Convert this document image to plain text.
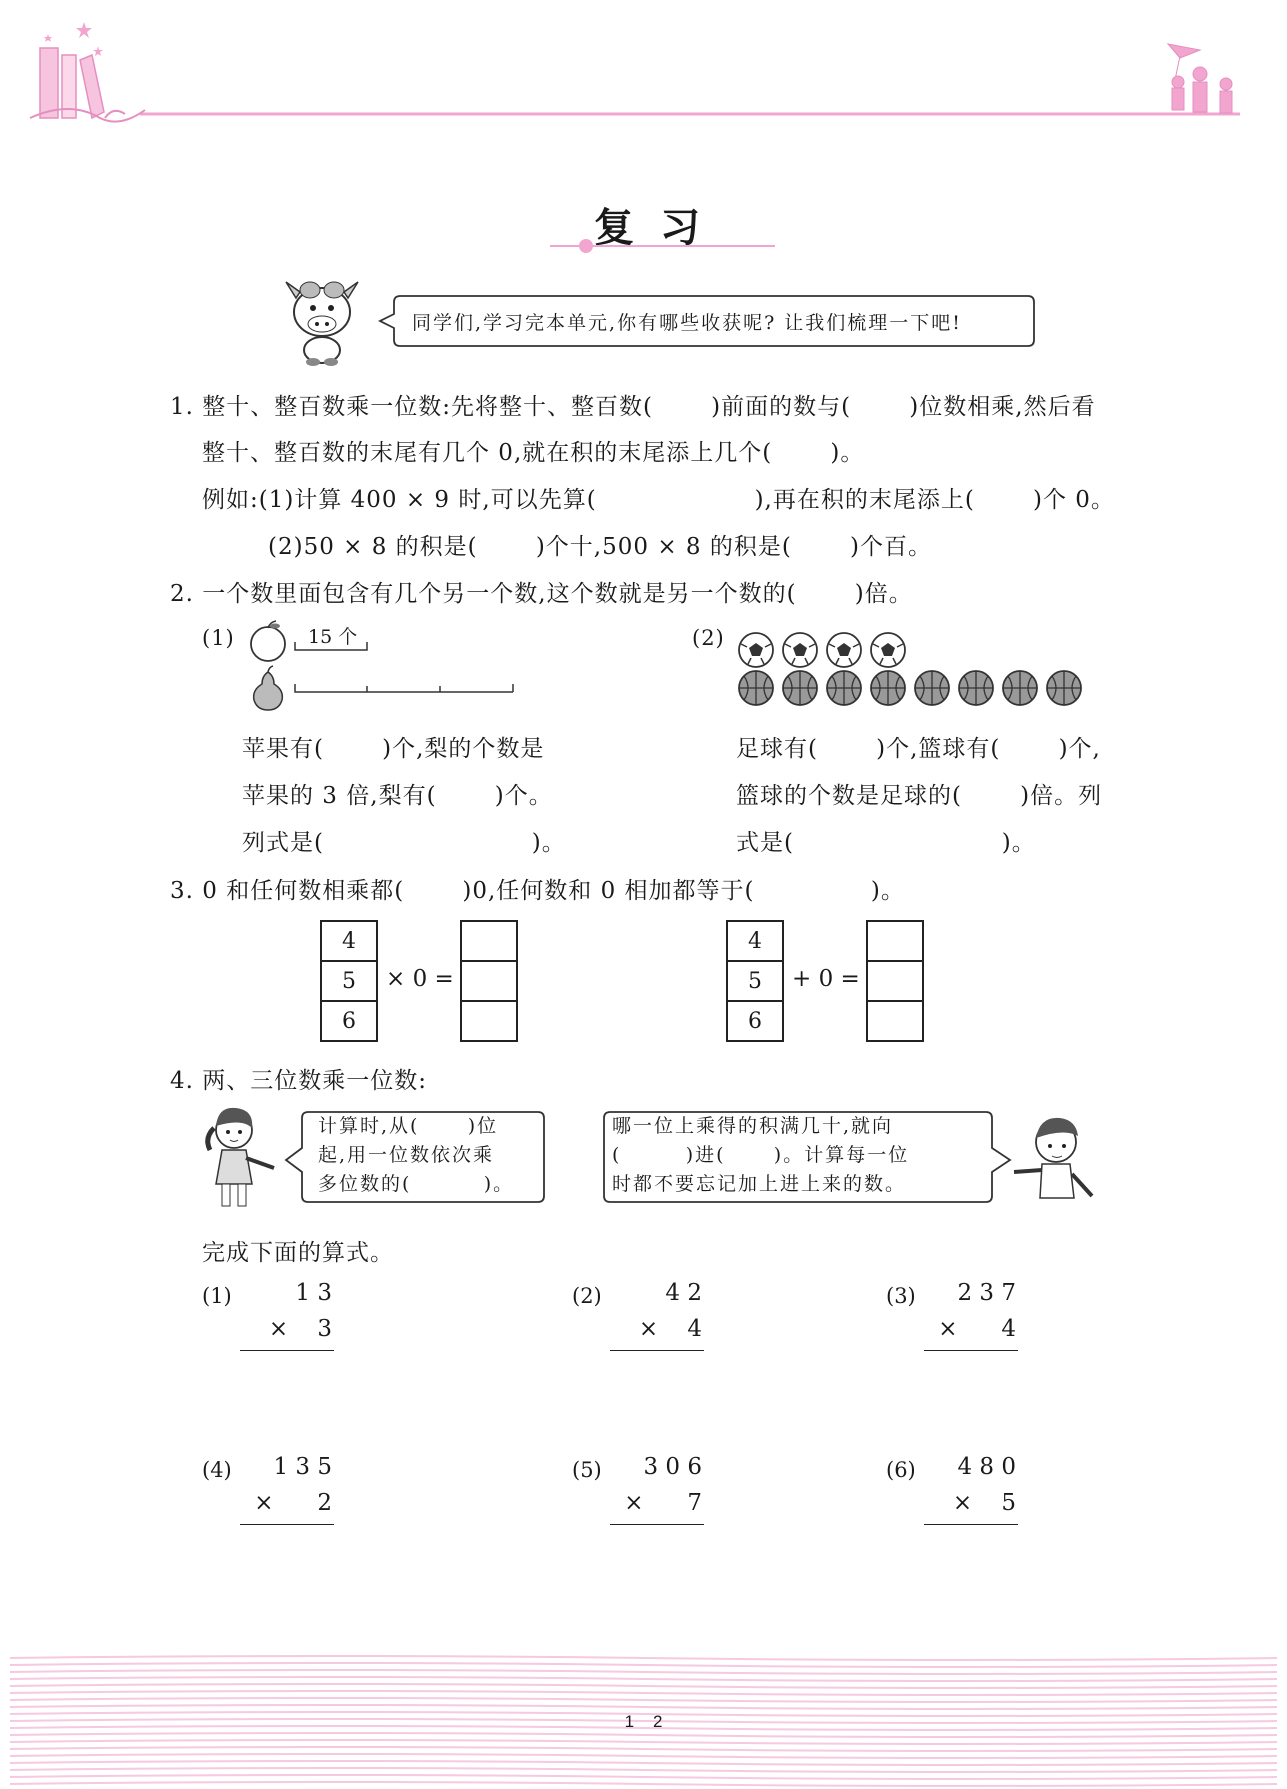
复 习
同学们,学习完本单元,你有哪些收获呢? 让我们梳理一下吧!
1. 整十、整百数乘一位数:先将整十、整百数(       )前面的数与(       )位数相乘,然后看
整十、整百数的末尾有几个 0,就在积的末尾添上几个(       )。
例如:(1)计算 400 × 9 时,可以先算(                   ),再在积的末尾添上(       )个 0。
(2)50 × 8 的积是(       )个十,500 × 8 的积是(       )个百。
2. 一个数里面包含有几个另一个数,这个数就是另一个数的(       )倍。
(1)	15 个
苹果有(       )个,梨的个数是
苹果的 3 倍,梨有(       )个。
列式是(                         )。
(2)
足球有(       )个,篮球有(       )个,
篮球的个数是足球的(       )倍。列
式是(                         )。
3. 0 和任何数相乘都(       )0,任何数和 0 相加都等于(              )。
4
5
6
× 0 =

4
5
6
+ 0 =

4. 两、三位数乘一位数:
计算时,从(      )位
起,用一位数依次乘
多位数的(         )。
哪一位上乘得的积满几十,就向
(        )进(      )。计算每一位
时都不要忘记加上进上来的数。
完成下面的算式。
(1)	1 3
×    3
(2)	4 2
×    4
(3)	2 3 7
×      4
(4)	1 3 5
×      2
(5)	3 0 6
×      7
(6)	4 8 0
×    5
1    2
